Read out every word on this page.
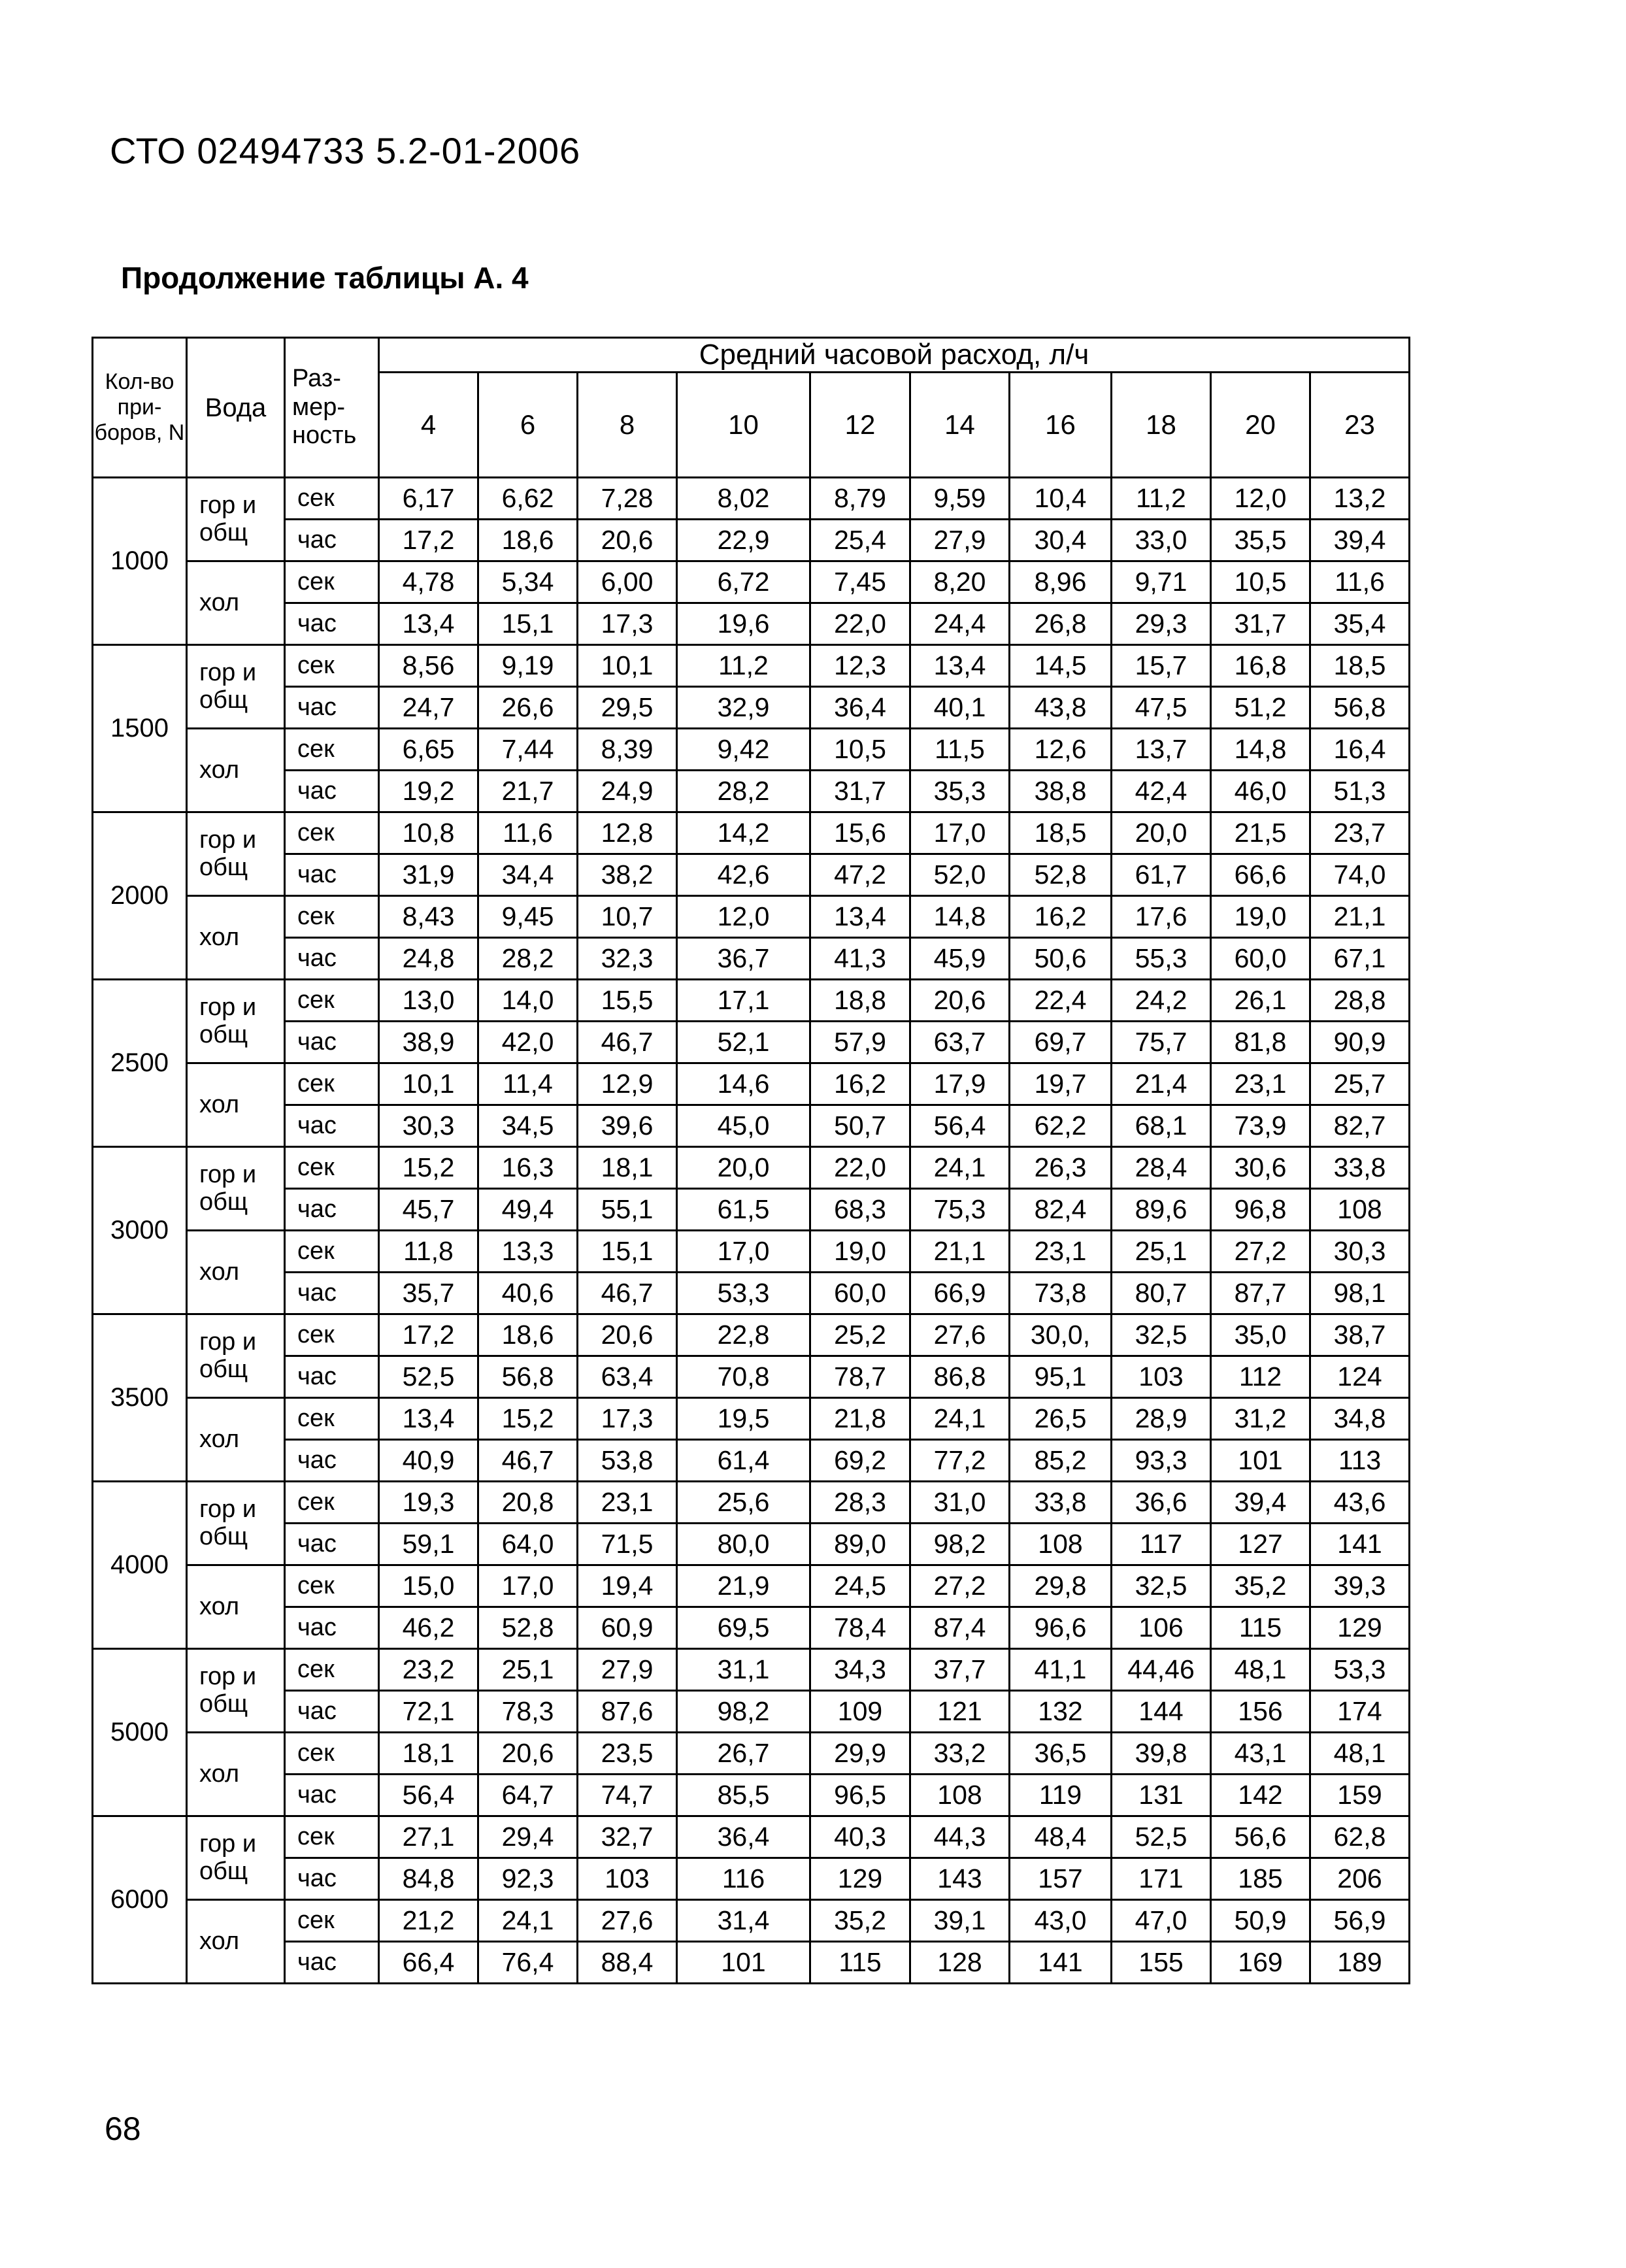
СТО 02494733 5.2-01-2006
Продолжение таблицы А. 4
Кол-во при-боров, N	Вода	Раз-мер-ность	Средний часовой расход, л/ч									
			4	6	8	10	12	14	16	18	20	23
1000	гор и общ	сек	6,17	6,62	7,28	8,02	8,79	9,59	10,4	11,2	12,0	13,2
		час	17,2	18,6	20,6	22,9	25,4	27,9	30,4	33,0	35,5	39,4
	хол	сек	4,78	5,34	6,00	6,72	7,45	8,20	8,96	9,71	10,5	11,6
		час	13,4	15,1	17,3	19,6	22,0	24,4	26,8	29,3	31,7	35,4
1500	гор и общ	сек	8,56	9,19	10,1	11,2	12,3	13,4	14,5	15,7	16,8	18,5
		час	24,7	26,6	29,5	32,9	36,4	40,1	43,8	47,5	51,2	56,8
	хол	сек	6,65	7,44	8,39	9,42	10,5	11,5	12,6	13,7	14,8	16,4
		час	19,2	21,7	24,9	28,2	31,7	35,3	38,8	42,4	46,0	51,3
2000	гор и общ	сек	10,8	11,6	12,8	14,2	15,6	17,0	18,5	20,0	21,5	23,7
		час	31,9	34,4	38,2	42,6	47,2	52,0	52,8	61,7	66,6	74,0
	хол	сек	8,43	9,45	10,7	12,0	13,4	14,8	16,2	17,6	19,0	21,1
		час	24,8	28,2	32,3	36,7	41,3	45,9	50,6	55,3	60,0	67,1
2500	гор и общ	сек	13,0	14,0	15,5	17,1	18,8	20,6	22,4	24,2	26,1	28,8
		час	38,9	42,0	46,7	52,1	57,9	63,7	69,7	75,7	81,8	90,9
	хол	сек	10,1	11,4	12,9	14,6	16,2	17,9	19,7	21,4	23,1	25,7
		час	30,3	34,5	39,6	45,0	50,7	56,4	62,2	68,1	73,9	82,7
3000	гор и общ	сек	15,2	16,3	18,1	20,0	22,0	24,1	26,3	28,4	30,6	33,8
		час	45,7	49,4	55,1	61,5	68,3	75,3	82,4	89,6	96,8	108
	хол	сек	11,8	13,3	15,1	17,0	19,0	21,1	23,1	25,1	27,2	30,3
		час	35,7	40,6	46,7	53,3	60,0	66,9	73,8	80,7	87,7	98,1
3500	гор и общ	сек	17,2	18,6	20,6	22,8	25,2	27,6	30,0,	32,5	35,0	38,7
		час	52,5	56,8	63,4	70,8	78,7	86,8	95,1	103	112	124
	хол	сек	13,4	15,2	17,3	19,5	21,8	24,1	26,5	28,9	31,2	34,8
		час	40,9	46,7	53,8	61,4	69,2	77,2	85,2	93,3	101	113
4000	гор и общ	сек	19,3	20,8	23,1	25,6	28,3	31,0	33,8	36,6	39,4	43,6
		час	59,1	64,0	71,5	80,0	89,0	98,2	108	117	127	141
	хол	сек	15,0	17,0	19,4	21,9	24,5	27,2	29,8	32,5	35,2	39,3
		час	46,2	52,8	60,9	69,5	78,4	87,4	96,6	106	115	129
5000	гор и общ	сек	23,2	25,1	27,9	31,1	34,3	37,7	41,1	44,46	48,1	53,3
		час	72,1	78,3	87,6	98,2	109	121	132	144	156	174
	хол	сек	18,1	20,6	23,5	26,7	29,9	33,2	36,5	39,8	43,1	48,1
		час	56,4	64,7	74,7	85,5	96,5	108	119	131	142	159
6000	гор и общ	сек	27,1	29,4	32,7	36,4	40,3	44,3	48,4	52,5	56,6	62,8
		час	84,8	92,3	103	116	129	143	157	171	185	206
	хол	сек	21,2	24,1	27,6	31,4	35,2	39,1	43,0	47,0	50,9	56,9
		час	66,4	76,4	88,4	101	115	128	141	155	169	189
68
